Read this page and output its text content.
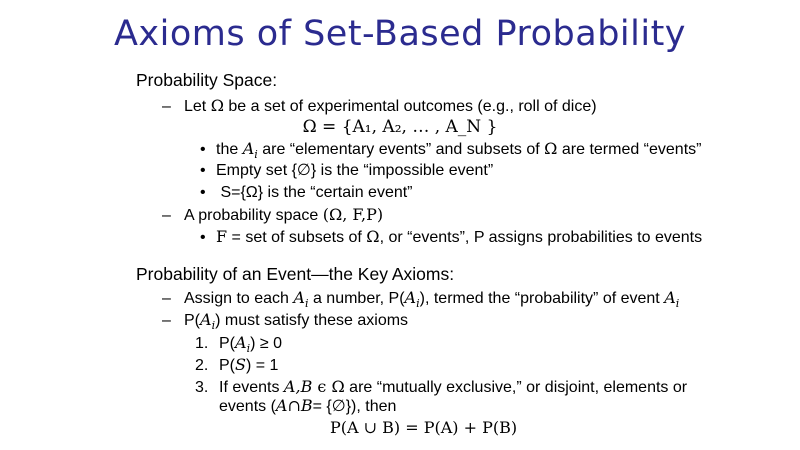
Axioms of Set-Based Probability
Probability Space:
– Let Ω be a set of experimental outcomes (e.g., roll of dice)
Ω = {A₁, A₂, … , A_N }
• the $A_i$ are “elementary events” and subsets of Ω are termed “events”
• Empty set {∅} is the “impossible event”
• S={Ω} is the “certain event”
– A probability space (Ω, F,P)
• F = set of subsets of Ω, or “events”, P assigns probabilities to events
Probability of an Event—the Key Axioms:
– Assign to each $A_i$ a number, $P(A_i)$, termed the “probability” of event $A_i$
– $P(A_i)$ must satisfy these axioms
1. $P(A_i) \ge 0$
2. P(S) = 1
3. If events A,B ϵ Ω are “mutually exclusive,” or disjoint, elements or
events (A∩B= {∅}), then
P(A ∪ B) = P(A) + P(B)
